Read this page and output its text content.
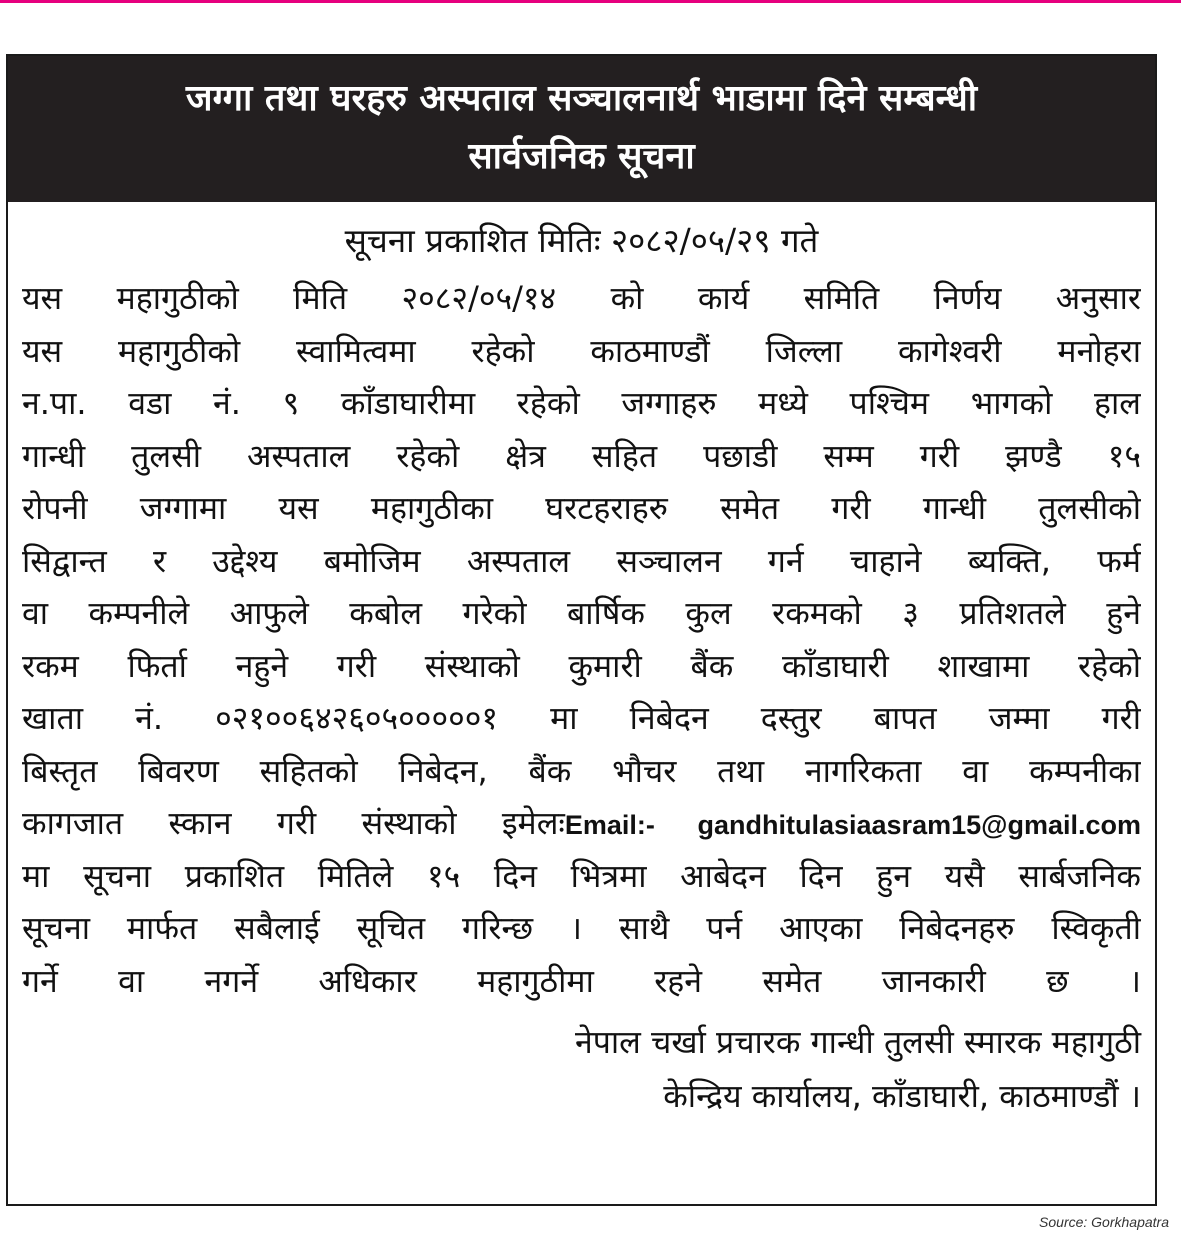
जग्गा तथा घरहरु अस्पताल सञ्चालनार्थ भाडामा दिने सम्बन्धी
सार्वजनिक सूचना
सूचना प्रकाशित मितिः २०८२/०५/२९ गते
यस महागुठीको मिति २०८२/०५/१४ को कार्य समिति निर्णय अनुसार
यस महागुठीको स्वामित्वमा रहेको काठमाण्डौं जिल्ला कागेश्वरी मनोहरा
न.पा. वडा नं. ९ काँडाघारीमा रहेको जग्गाहरु मध्ये पश्चिम भागको हाल
गान्धी तुलसी अस्पताल रहेको क्षेत्र सहित पछाडी सम्म गरी झण्डै १५
रोपनी जग्गामा यस महागुठीका घरटहराहरु समेत गरी गान्धी तुलसीको
सिद्वान्त र उद्देश्य बमोजिम अस्पताल सञ्चालन गर्न चाहाने ब्यक्ति, फर्म
वा कम्पनीले आफुले कबोल गरेको बार्षिक कुल रकमको ३ प्रतिशतले हुने
रकम फिर्ता नहुने गरी संस्थाको कुमारी बैंक काँडाघारी शाखामा रहेको
खाता नं. ०२१००६४२६०५०००००१ मा निबेदन दस्तुर बापत जम्मा गरी
बिस्तृत बिवरण सहितको निबेदन, बैंक भौचर तथा नागरिकता वा कम्पनीका
कागजात स्कान गरी संस्थाको इमेलःEmail:- gandhitulasiaasram15@gmail.com
मा सूचना प्रकाशित मितिले १५ दिन भित्रमा आबेदन दिन हुन यसै सार्बजनिक
सूचना मार्फत सबैलाई सूचित गरिन्छ । साथै पर्न आएका निबेदनहरु स्विकृती
गर्ने वा नगर्ने अधिकार महागुठीमा रहने समेत जानकारी छ ।
नेपाल चर्खा प्रचारक गान्धी तुलसी स्मारक महागुठी
केन्द्रिय कार्यालय, काँडाघारी, काठमाण्डौं ।
Source: Gorkhapatra
